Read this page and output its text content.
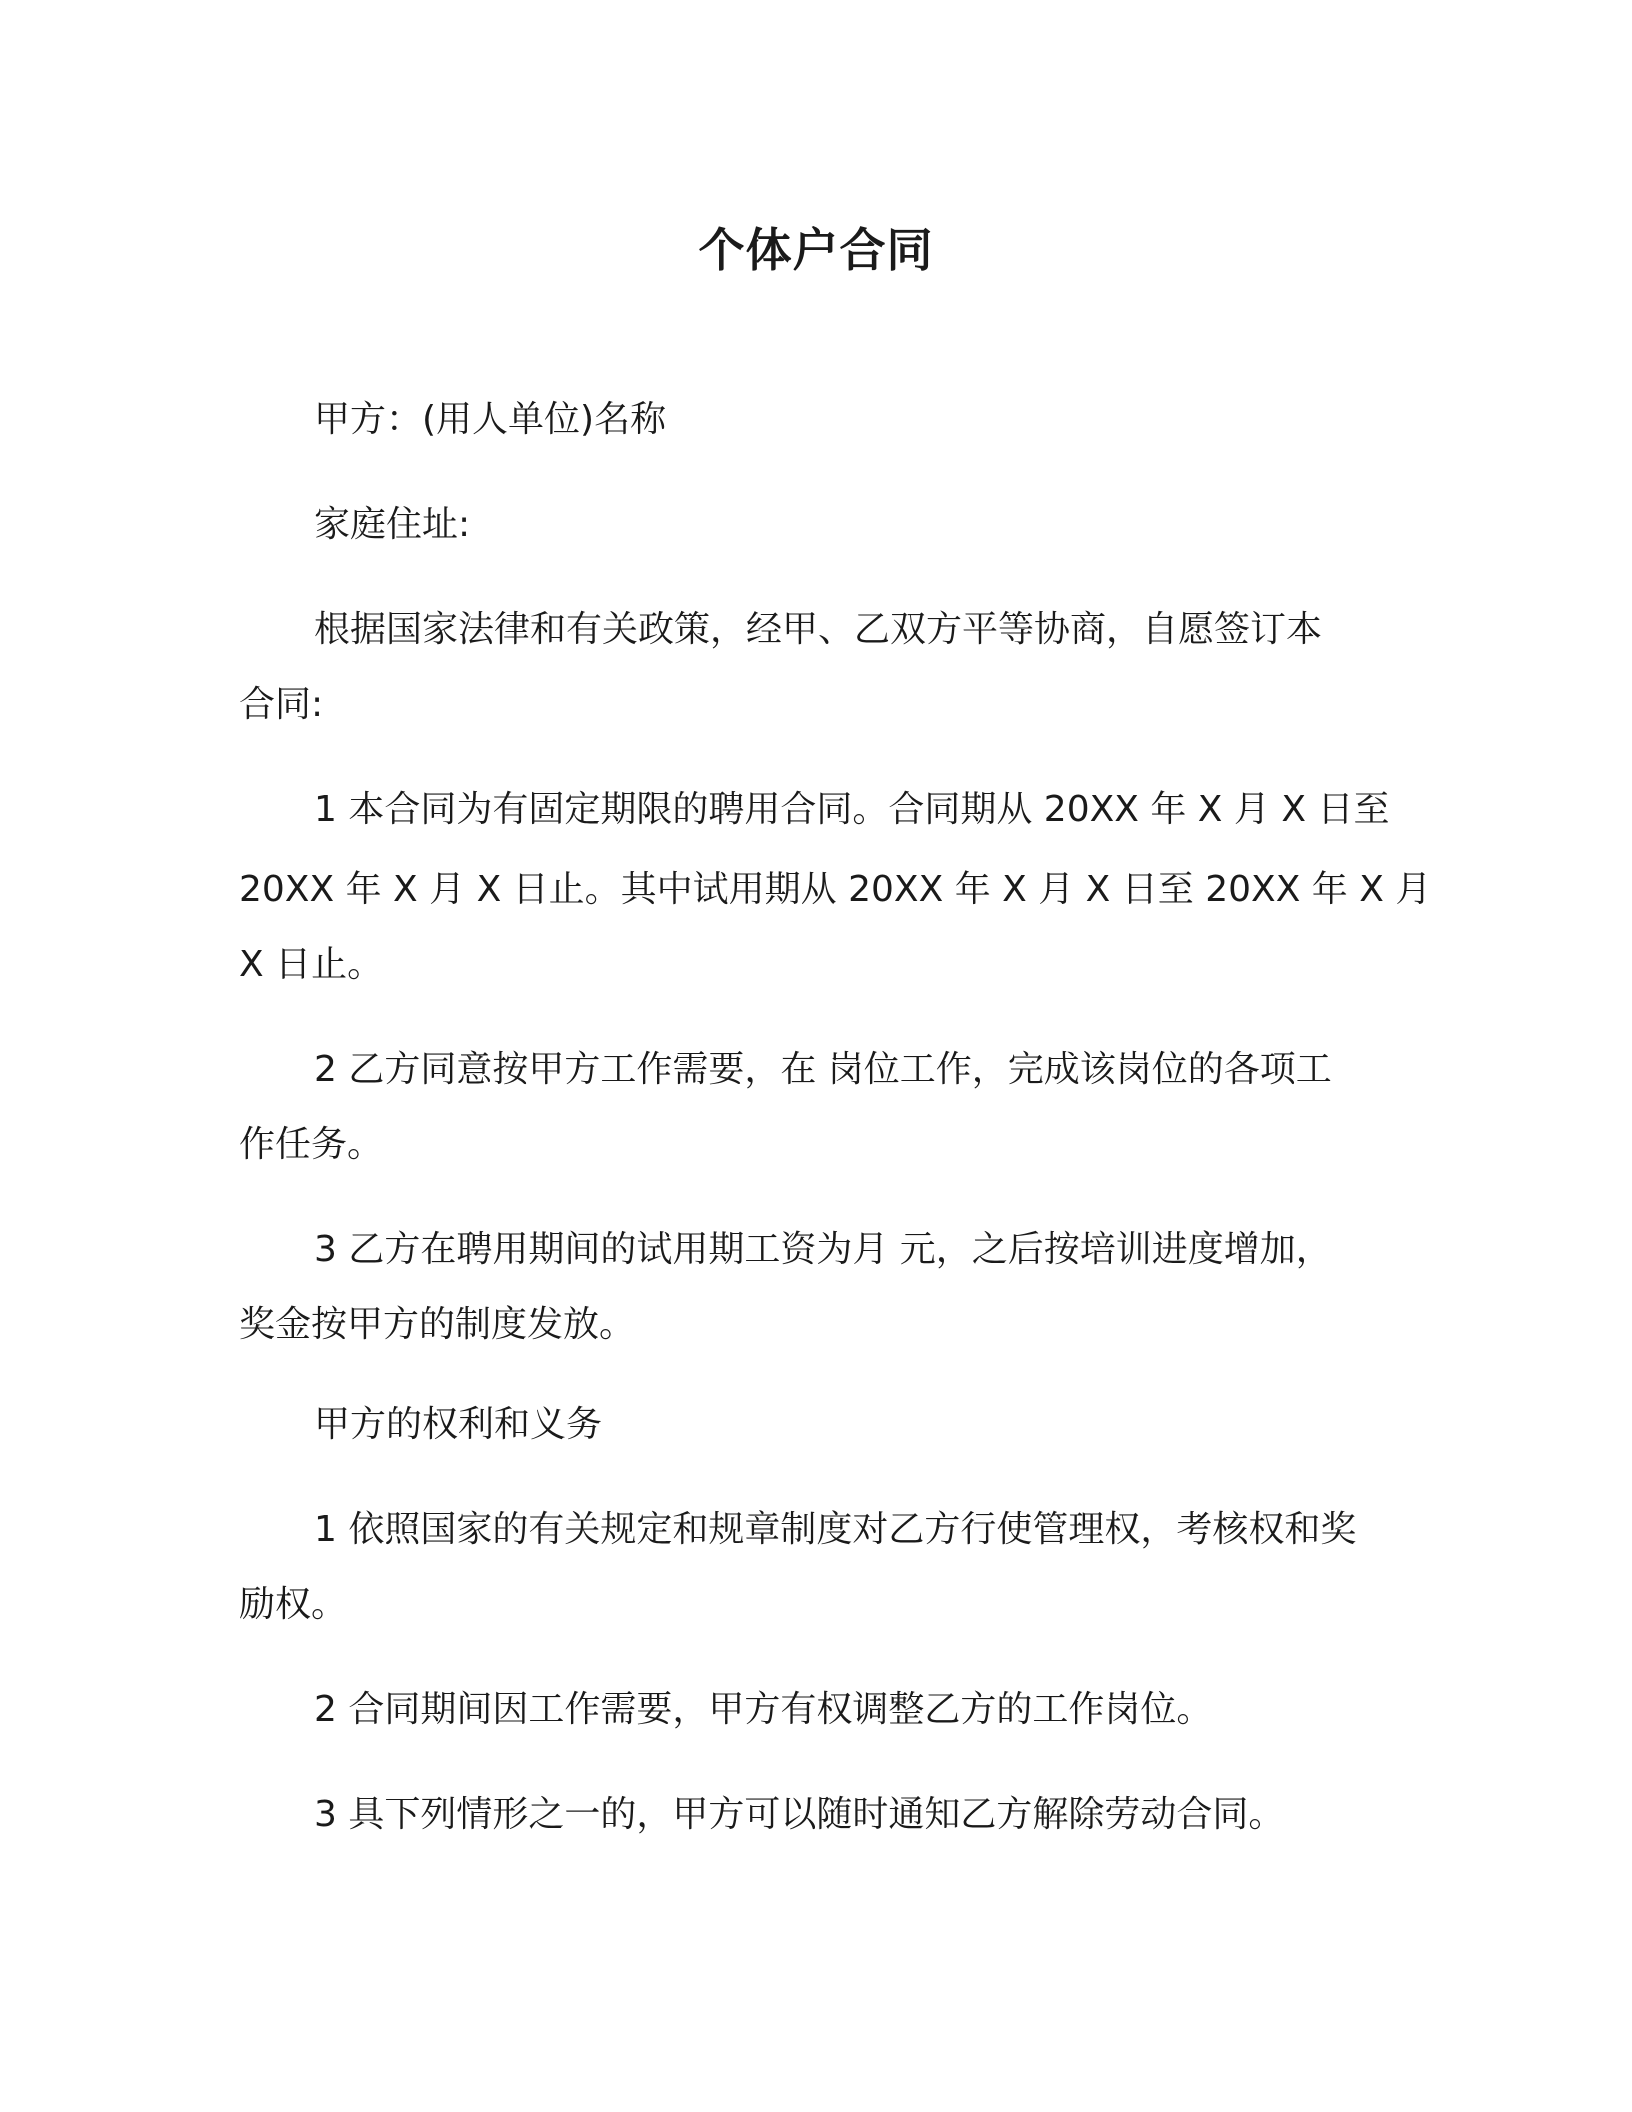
个体户合同
甲方：(用人单位)名称
家庭住址:
根据国家法律和有关政策，经甲、乙双方平等协商，自愿签订本
合同:
1 本合同为有固定期限的聘用合同。合同期从 20XX 年 X 月 X 日至
20XX 年 X 月 X 日止。其中试用期从 20XX 年 X 月 X 日至 20XX 年 X 月
X 日止。
2 乙方同意按甲方工作需要，在 岗位工作，完成该岗位的各项工
作任务。
3 乙方在聘用期间的试用期工资为月 元，之后按培训进度增加，
奖金按甲方的制度发放。
甲方的权利和义务
1 依照国家的有关规定和规章制度对乙方行使管理权，考核权和奖
励权。
2 合同期间因工作需要，甲方有权调整乙方的工作岗位。
3 具下列情形之一的，甲方可以随时通知乙方解除劳动合同。
